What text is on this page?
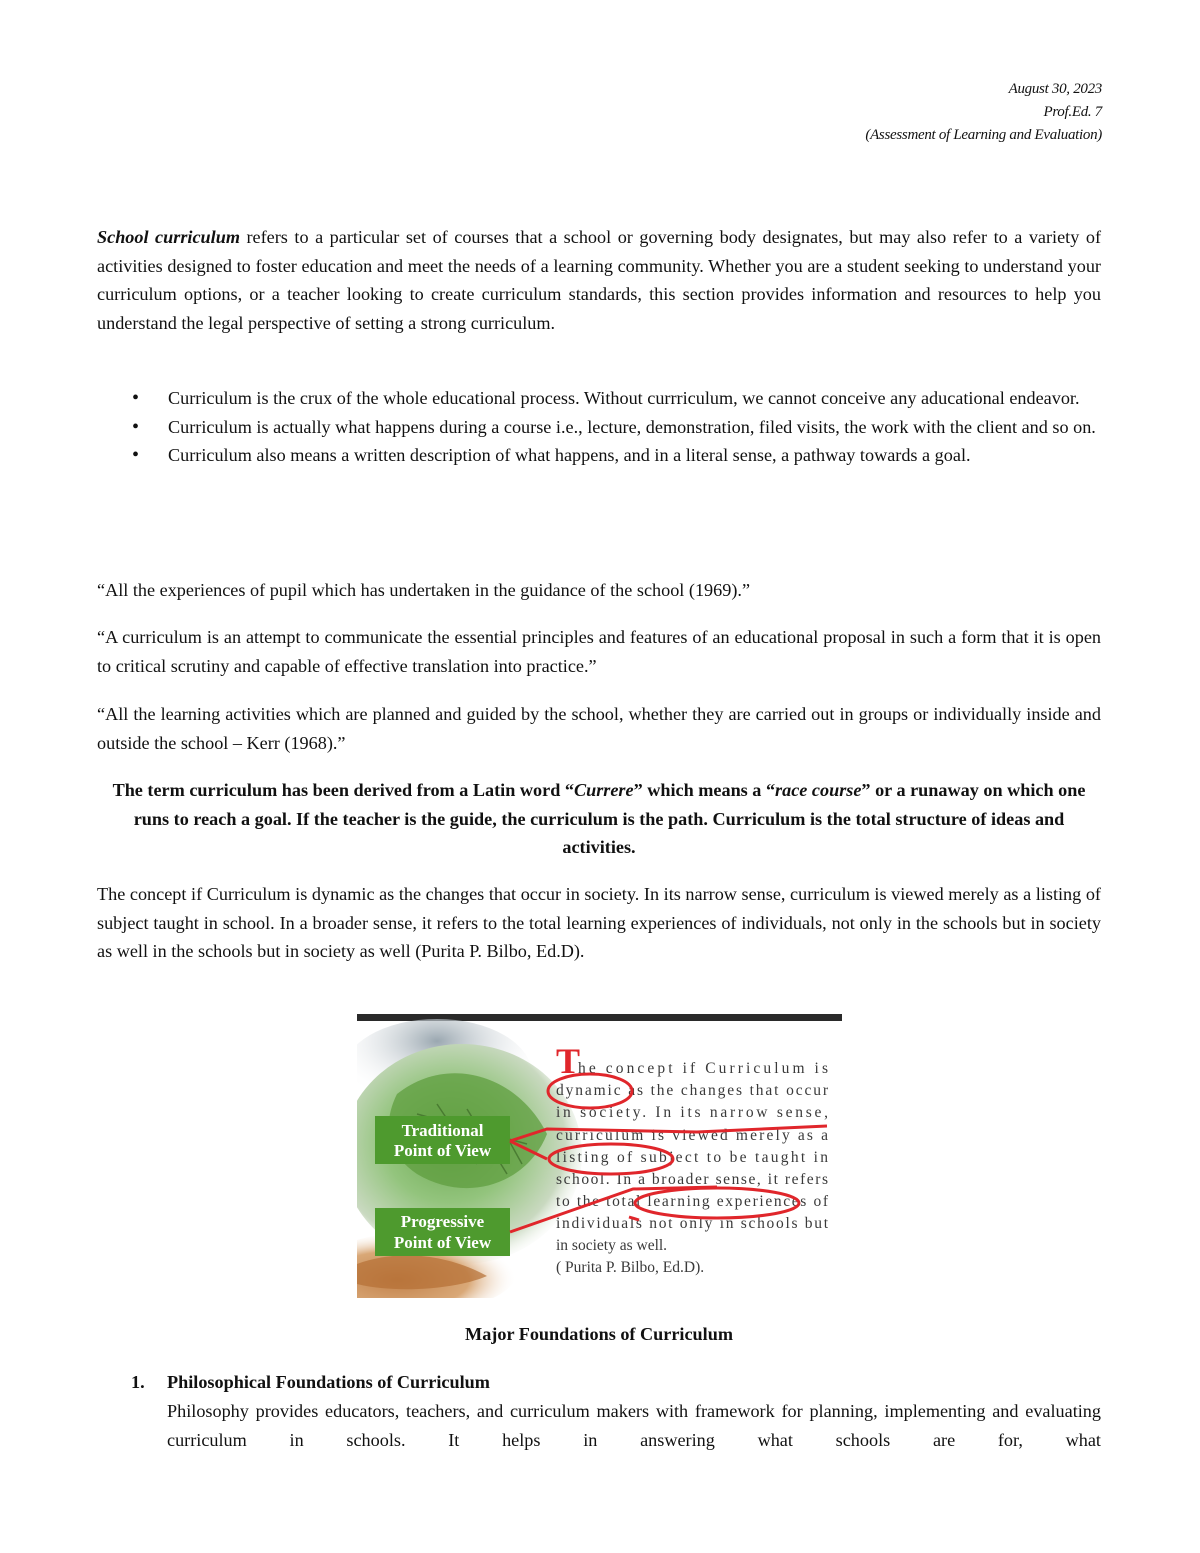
August 30, 2023
Prof.Ed. 7
(Assessment of Learning and Evaluation)
School curriculum refers to a particular set of courses that a school or governing body designates, but may also refer to a variety of activities designed to foster education and meet the needs of a learning community. Whether you are a student seeking to understand your curriculum options, or a teacher looking to create curriculum standards, this section provides information and resources to help you understand the legal perspective of setting a strong curriculum.
• Curriculum is the crux of the whole educational process. Without currriculum, we cannot conceive any aducational endeavor.
• Curriculum is actually what happens during a course i.e., lecture, demonstration, filed visits, the work with the client and so on.
• Curriculum also means a written description of what happens, and in a literal sense, a pathway towards a goal.
“All the experiences of pupil which has undertaken in the guidance of the school (1969).”
“A curriculum is an attempt to communicate the essential principles and features of an educational proposal in such a form that it is open to critical scrutiny and capable of effective translation into practice.”
“All the learning activities which are planned and guided by the school, whether they are carried out in groups or individually inside and outside the school – Kerr (1968).”
The term curriculum has been derived from a Latin word “Currere” which means a “race course” or a runaway on which one runs to reach a goal. If the teacher is the guide, the curriculum is the path. Curriculum is the total structure of ideas and activities.
The concept if Curriculum is dynamic as the changes that occur in society. In its narrow sense, curriculum is viewed merely as a listing of subject taught in school. In a broader sense, it refers to the total learning experiences of individuals, not only in the schools but in society as well in the schools but in society as well (Purita P. Bilbo, Ed.D).
Traditional
Point of View
Progressive
Point of View
T
he concept if Curriculum is
dynamic as the changes that occur
in society. In its narrow sense,
curriculum is viewed merely as a
listing of subject to be taught in
school. In a broader sense, it refers
to the total learning experiences of
individuals not only in schools but
in society as well.
( Purita P. Bilbo, Ed.D).
Major Foundations of Curriculum
1. Philosophical Foundations of Curriculum
Philosophy provides educators, teachers, and curriculum makers with framework for planning, implementing and evaluating curriculum in schools. It helps in answering what schools are for, what
